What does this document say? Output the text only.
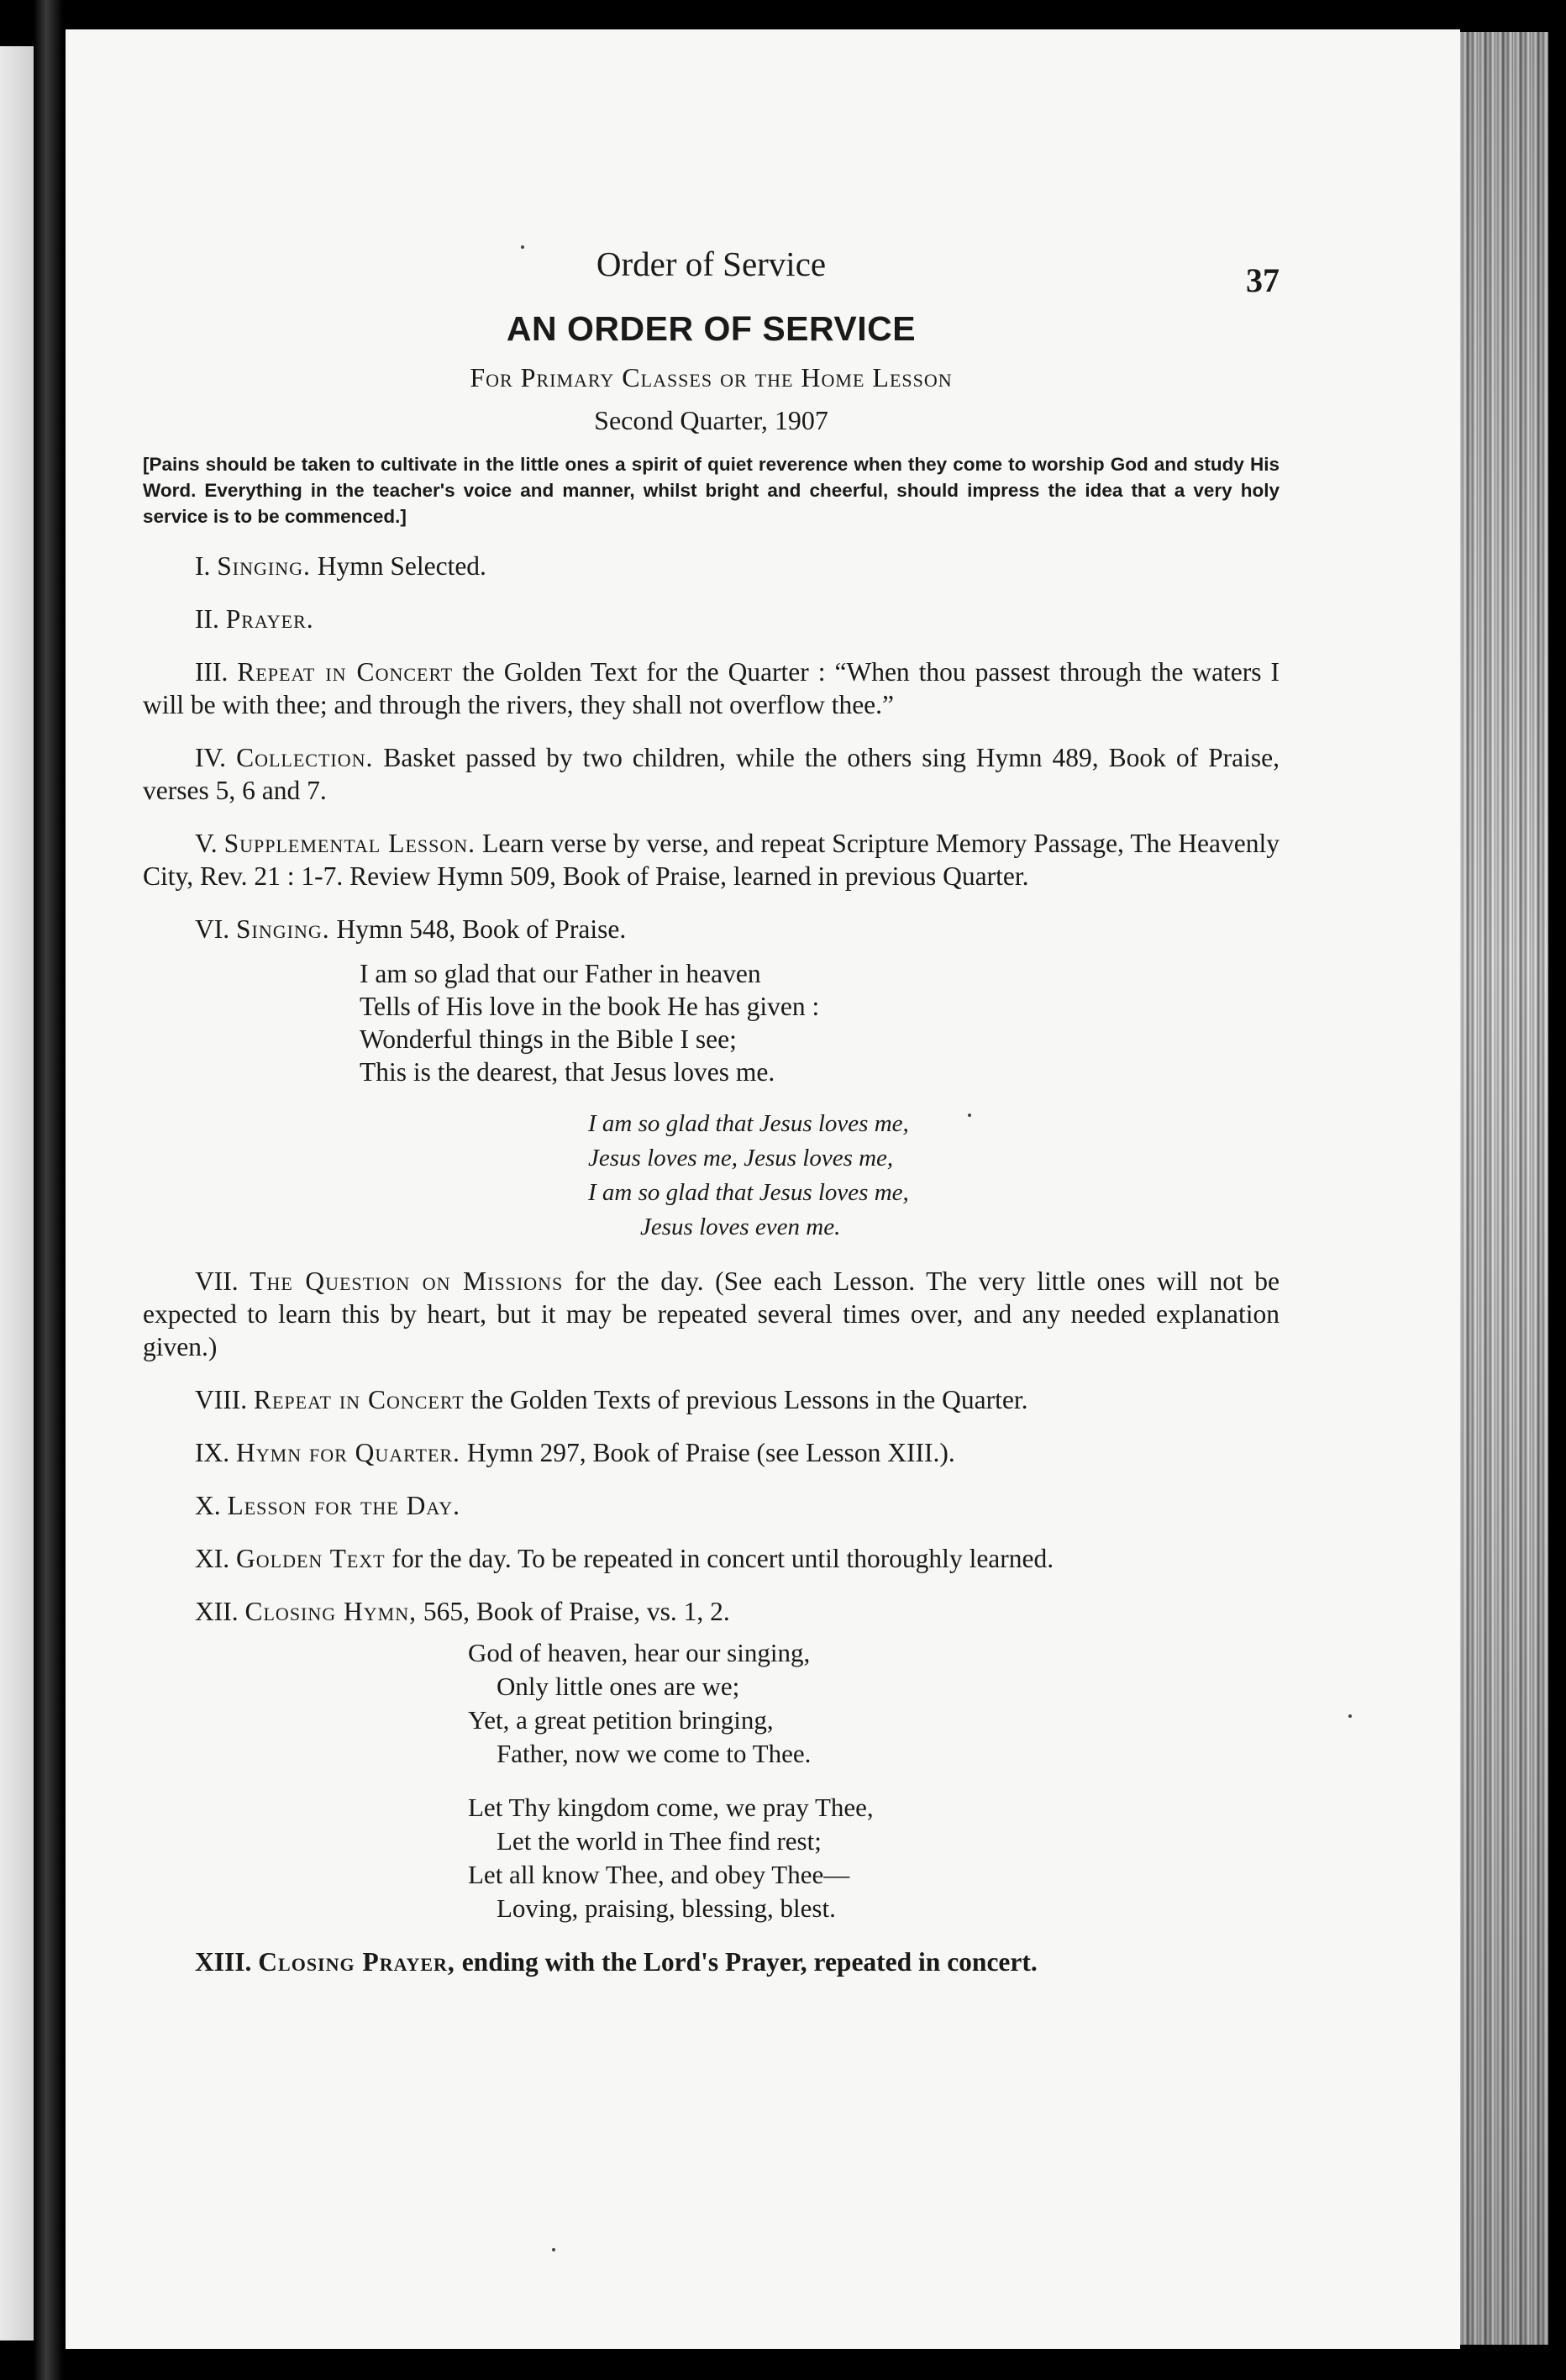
Order of Service	37
AN ORDER OF SERVICE
For Primary Classes or the Home Lesson
Second Quarter, 1907
[Pains should be taken to cultivate in the little ones a spirit of quiet reverence when they come to worship God and study His Word. Everything in the teacher's voice and manner, whilst bright and cheerful, should impress the idea that a very holy service is to be commenced.]
I. Singing. Hymn Selected.
II. Prayer.
III. Repeat in Concert the Golden Text for the Quarter : “When thou passest through the waters I will be with thee; and through the rivers, they shall not overflow thee.”
IV. Collection. Basket passed by two children, while the others sing Hymn 489, Book of Praise, verses 5, 6 and 7.
V. Supplemental Lesson. Learn verse by verse, and repeat Scripture Memory Passage, The Heavenly City, Rev. 21 : 1-7. Review Hymn 509, Book of Praise, learned in previous Quarter.
VI. Singing. Hymn 548, Book of Praise.
I am so glad that our Father in heaven
Tells of His love in the book He has given :
Wonderful things in the Bible I see;
This is the dearest, that Jesus loves me.
I am so glad that Jesus loves me,
Jesus loves me, Jesus loves me,
I am so glad that Jesus loves me,
Jesus loves even me.
VII. The Question on Missions for the day. (See each Lesson. The very little ones will not be expected to learn this by heart, but it may be repeated several times over, and any needed explanation given.)
VIII. Repeat in Concert the Golden Texts of previous Lessons in the Quarter.
IX. Hymn for Quarter. Hymn 297, Book of Praise (see Lesson XIII.).
X. Lesson for the Day.
XI. Golden Text for the day. To be repeated in concert until thoroughly learned.
XII. Closing Hymn, 565, Book of Praise, vs. 1, 2.
God of heaven, hear our singing,
Only little ones are we;
Yet, a great petition bringing,
Father, now we come to Thee.
Let Thy kingdom come, we pray Thee,
Let the world in Thee find rest;
Let all know Thee, and obey Thee—
Loving, praising, blessing, blest.
XIII. Closing Prayer, ending with the Lord's Prayer, repeated in concert.
